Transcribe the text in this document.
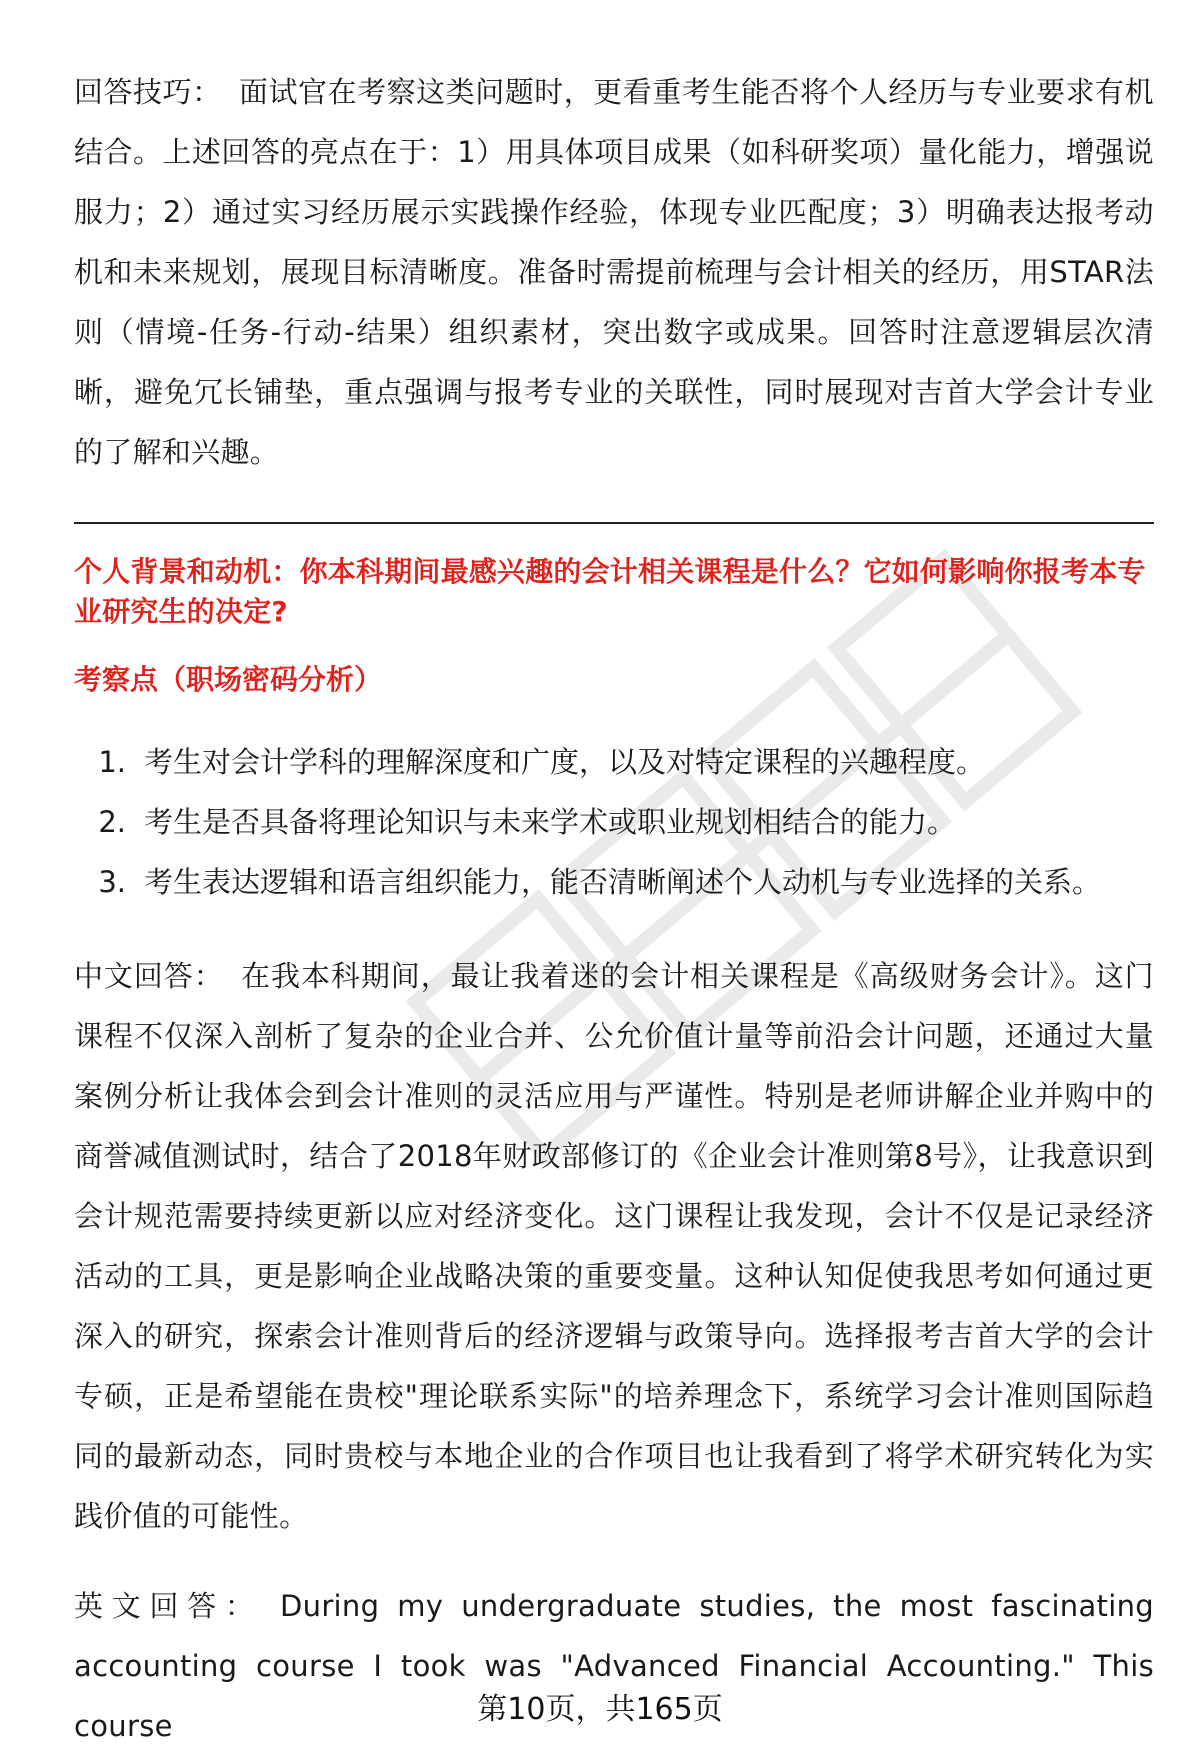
回答技巧： 面试官在考察这类问题时，更看重考生能否将个人经历与专业要求有机结合。上述回答的亮点在于：1）用具体项目成果（如科研奖项）量化能力，增强说服力；2）通过实习经历展示实践操作经验，体现专业匹配度；3）明确表达报考动机和未来规划，展现目标清晰度。准备时需提前梳理与会计相关的经历，用STAR法则（情境-任务-行动-结果）组织素材，突出数字或成果。回答时注意逻辑层次清晰，避免冗长铺垫，重点强调与报考专业的关联性，同时展现对吉首大学会计专业的了解和兴趣。

个人背景和动机：你本科期间最感兴趣的会计相关课程是什么？它如何影响你报考本专业研究生的决定?

考察点（职场密码分析）

1. 考生对会计学科的理解深度和广度，以及对特定课程的兴趣程度。
2. 考生是否具备将理论知识与未来学术或职业规划相结合的能力。
3. 考生表达逻辑和语言组织能力，能否清晰阐述个人动机与专业选择的关系。

中文回答： 在我本科期间，最让我着迷的会计相关课程是《高级财务会计》。这门课程不仅深入剖析了复杂的企业合并、公允价值计量等前沿会计问题，还通过大量案例分析让我体会到会计准则的灵活应用与严谨性。特别是老师讲解企业并购中的商誉减值测试时，结合了2018年财政部修订的《企业会计准则第8号》，让我意识到会计规范需要持续更新以应对经济变化。这门课程让我发现，会计不仅是记录经济活动的工具，更是影响企业战略决策的重要变量。这种认知促使我思考如何通过更深入的研究，探索会计准则背后的经济逻辑与政策导向。选择报考吉首大学的会计专硕，正是希望能在贵校"理论联系实际"的培养理念下，系统学习会计准则国际趋同的最新动态，同时贵校与本地企业的合作项目也让我看到了将学术研究转化为实践价值的可能性。

英文回答： During my undergraduate studies, the most fascinating accounting course I took was "Advanced Financial Accounting." This course	第10页，共165页
